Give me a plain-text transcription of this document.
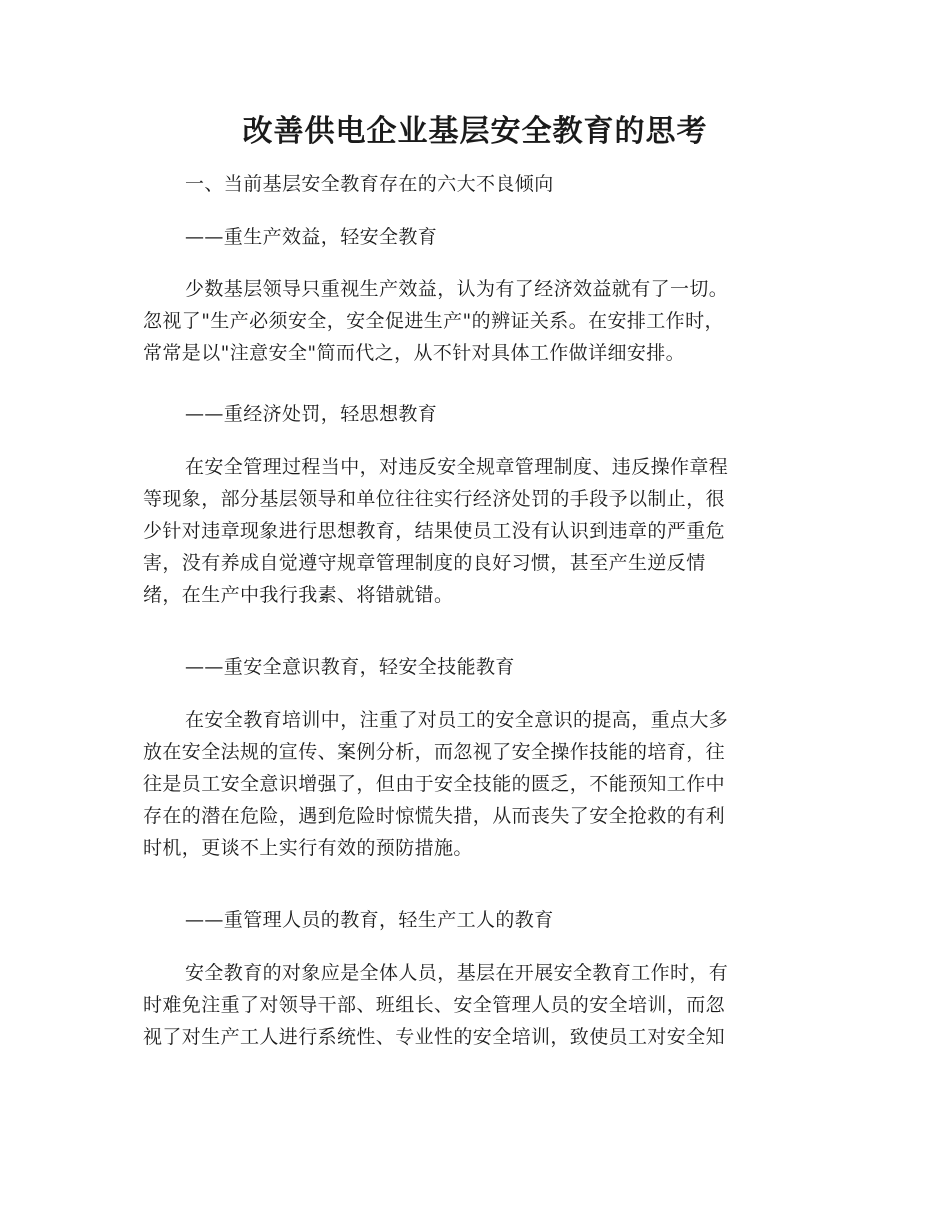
改善供电企业基层安全教育的思考

一、当前基层安全教育存在的六大不良倾向

——重生产效益，轻安全教育

少数基层领导只重视生产效益，认为有了经济效益就有了一切。
忽视了"生产必须安全，安全促进生产"的辨证关系。在安排工作时，
常常是以"注意安全"简而代之，从不针对具体工作做详细安排。

——重经济处罚，轻思想教育

在安全管理过程当中，对违反安全规章管理制度、违反操作章程
等现象，部分基层领导和单位往往实行经济处罚的手段予以制止，很
少针对违章现象进行思想教育，结果使员工没有认识到违章的严重危
害，没有养成自觉遵守规章管理制度的良好习惯，甚至产生逆反情
绪，在生产中我行我素、将错就错。

——重安全意识教育，轻安全技能教育

在安全教育培训中，注重了对员工的安全意识的提高，重点大多
放在安全法规的宣传、案例分析，而忽视了安全操作技能的培育，往
往是员工安全意识增强了，但由于安全技能的匮乏，不能预知工作中
存在的潜在危险，遇到危险时惊慌失措，从而丧失了安全抢救的有利
时机，更谈不上实行有效的预防措施。

——重管理人员的教育，轻生产工人的教育

安全教育的对象应是全体人员，基层在开展安全教育工作时，有
时难免注重了对领导干部、班组长、安全管理人员的安全培训，而忽
视了对生产工人进行系统性、专业性的安全培训，致使员工对安全知
